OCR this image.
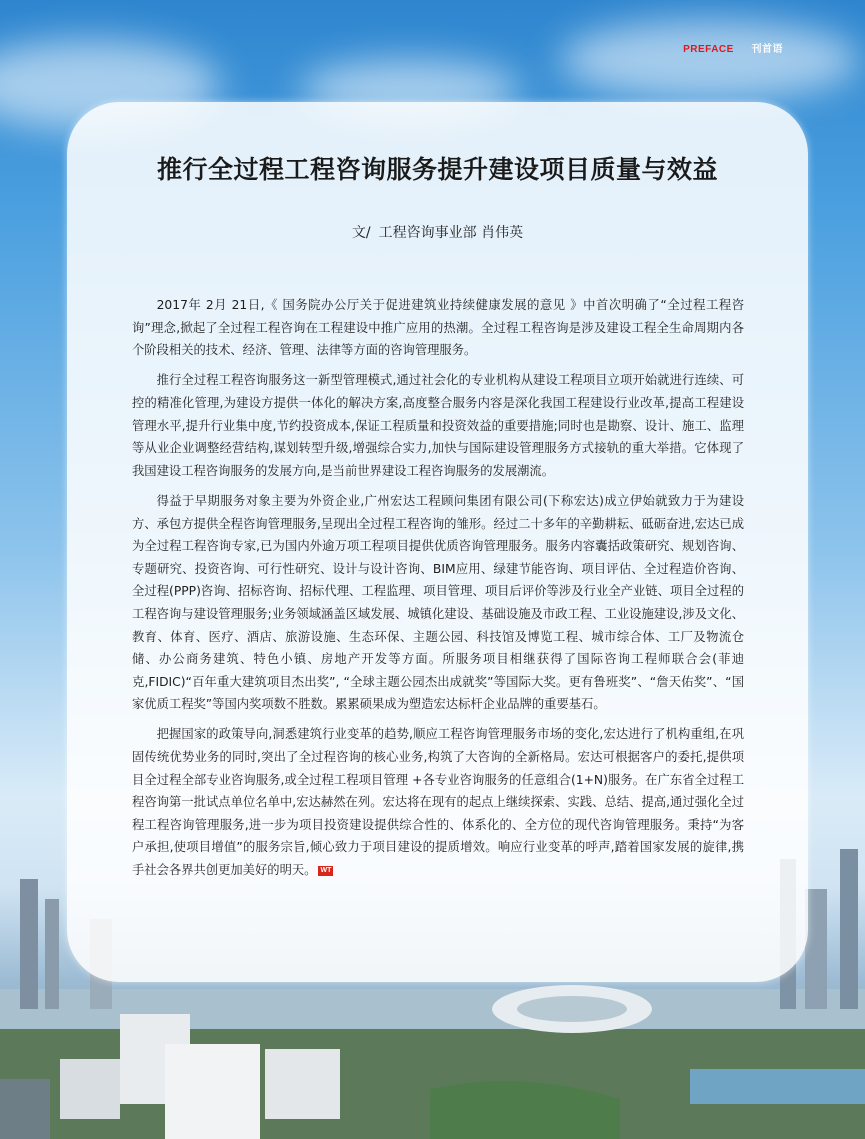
PREFACE 刊首语
推行全过程工程咨询服务提升建设项目质量与效益
文/ 工程咨询事业部 肖伟英

2017年 2月 21日,《 国务院办公厅关于促进建筑业持续健康发展的意见 》中首次明确了“全过程工程咨询”理念,掀起了全过程工程咨询在工程建设中推广应用的热潮。全过程工程咨询是涉及建设工程全生命周期内各个阶段相关的技术、经济、管理、法律等方面的咨询管理服务。

推行全过程工程咨询服务这一新型管理模式,通过社会化的专业机构从建设工程项目立项开始就进行连续、可控的精准化管理,为建设方提供一体化的解决方案,高度整合服务内容是深化我国工程建设行业改革,提高工程建设管理水平,提升行业集中度,节约投资成本,保证工程质量和投资效益的重要措施;同时也是勘察、设计、施工、监理等从业企业调整经营结构,谋划转型升级,增强综合实力,加快与国际建设管理服务方式接轨的重大举措。它体现了我国建设工程咨询服务的发展方向,是当前世界建设工程咨询服务的发展潮流。

得益于早期服务对象主要为外资企业,广州宏达工程顾问集团有限公司(下称宏达)成立伊始就致力于为建设方、承包方提供全程咨询管理服务,呈现出全过程工程咨询的雏形。经过二十多年的辛勤耕耘、砥砺奋进,宏达已成为全过程工程咨询专家,已为国内外逾万项工程项目提供优质咨询管理服务。服务内容囊括政策研究、规划咨询、专题研究、投资咨询、可行性研究、设计与设计咨询、BIM应用、绿建节能咨询、项目评估、全过程造价咨询、全过程(PPP)咨询、招标咨询、招标代理、工程监理、项目管理、项目后评价等涉及行业全产业链、项目全过程的工程咨询与建设管理服务;业务领域涵盖区域发展、城镇化建设、基础设施及市政工程、工业设施建设,涉及文化、教育、体育、医疗、酒店、旅游设施、生态环保、主题公园、科技馆及博览工程、城市综合体、工厂及物流仓储、办公商务建筑、特色小镇、房地产开发等方面。所服务项目相继获得了国际咨询工程师联合会(菲迪克,FIDIC)“百年重大建筑项目杰出奖”, “全球主题公园杰出成就奖”等国际大奖。更有鲁班奖”、“詹天佑奖”、“国家优质工程奖”等国内奖项数不胜数。累累硕果成为塑造宏达标杆企业品牌的重要基石。

把握国家的政策导向,洞悉建筑行业变革的趋势,顺应工程咨询管理服务市场的变化,宏达进行了机构重组,在巩固传统优势业务的同时,突出了全过程咨询的核心业务,构筑了大咨询的全新格局。宏达可根据客户的委托,提供项目全过程全部专业咨询服务,或全过程工程项目管理 +各专业咨询服务的任意组合(1+N)服务。在广东省全过程工程咨询第一批试点单位名单中,宏达赫然在列。宏达将在现有的起点上继续探索、实践、总结、提高,通过强化全过程工程咨询管理服务,进一步为项目投资建设提供综合性的、体系化的、全方位的现代咨询管理服务。秉持“为客户承担,使项目增值”的服务宗旨,倾心致力于项目建设的提质增效。响应行业变革的呼声,踏着国家发展的旋律,携手社会各界共创更加美好的明天。 WT
